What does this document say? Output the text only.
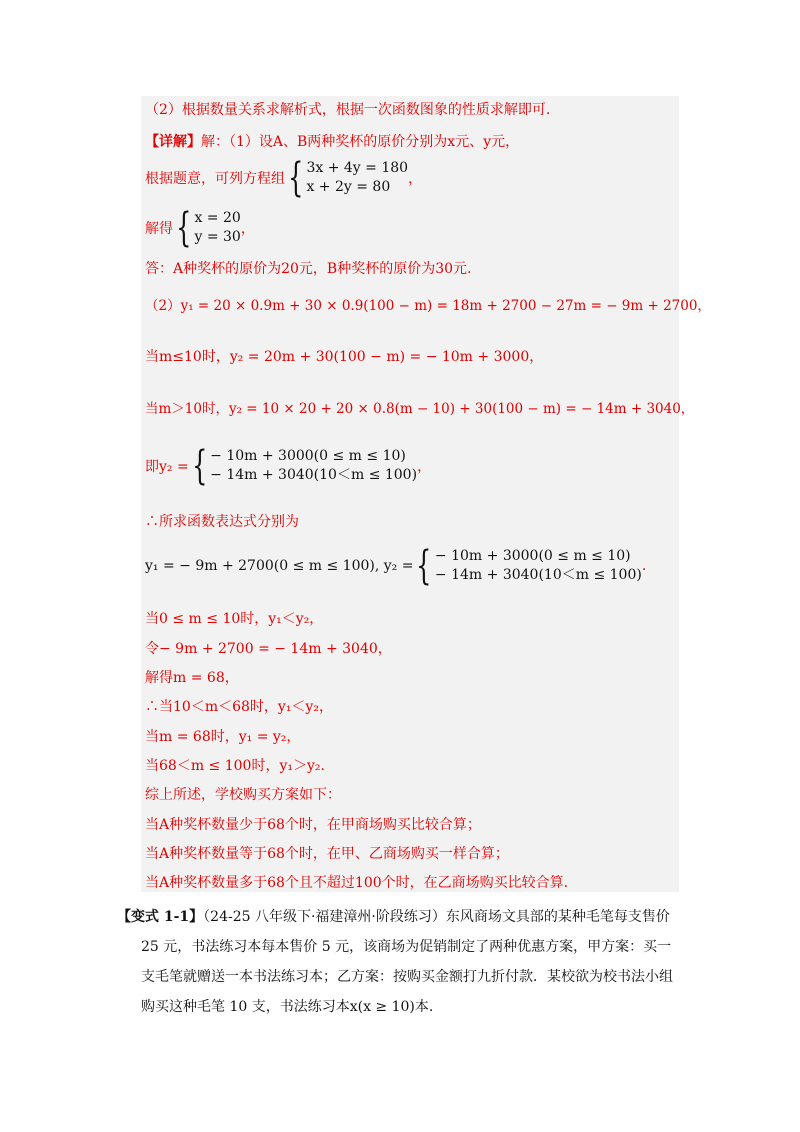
（2）根据数量关系求解析式，根据一次函数图象的性质求解即可.
【详解】解：（1）设A、B两种奖杯的原价分别为x元、y元，
根据题意，可列方程组 { 3x + 4y = 180
x + 2y = 80	，
解得 { x = 20
y = 30 ，
答：A种奖杯的原价为20元，B种奖杯的原价为30元.
（2）y₁ = 20 × 0.9m + 30 × 0.9(100 − m) = 18m + 2700 − 27m = − 9m + 2700，
当m≤10时，y₂ = 20m + 30(100 − m) = − 10m + 3000，
当m＞10时，y₂ = 10 × 20 + 20 × 0.8(m − 10) + 30(100 − m) = − 14m + 3040，
即y₂ = { − 10m + 3000(0 ≤ m ≤ 10)
− 14m + 3040(10＜m ≤ 100) ，
∴所求函数表达式分别为
y₁ = − 9m + 2700(0 ≤ m ≤ 100), y₂ = { − 10m + 3000(0 ≤ m ≤ 10)
− 14m + 3040(10＜m ≤ 100)
.
当0 ≤ m ≤ 10时，y₁＜y₂，
令− 9m + 2700 = − 14m + 3040，
解得m = 68，
∴当10＜m＜68时，y₁＜y₂，
当m = 68时，y₁ = y₂，
当68＜m ≤ 100时，y₁＞y₂.
综上所述，学校购买方案如下：
当A种奖杯数量少于68个时，在甲商场购买比较合算；
当A种奖杯数量等于68个时，在甲、乙商场购买一样合算；
当A种奖杯数量多于68个且不超过100个时，在乙商场购买比较合算.

【变式 1-1】（24-25 八年级下·福建漳州·阶段练习）东风商场文具部的某种毛笔每支售价

25 元，书法练习本每本售价 5 元，该商场为促销制定了两种优惠方案，甲方案：买一

支毛笔就赠送一本书法练习本；乙方案：按购买金额打九折付款．某校欲为校书法小组

购买这种毛笔 10 支，书法练习本x(x ≥ 10)本.
